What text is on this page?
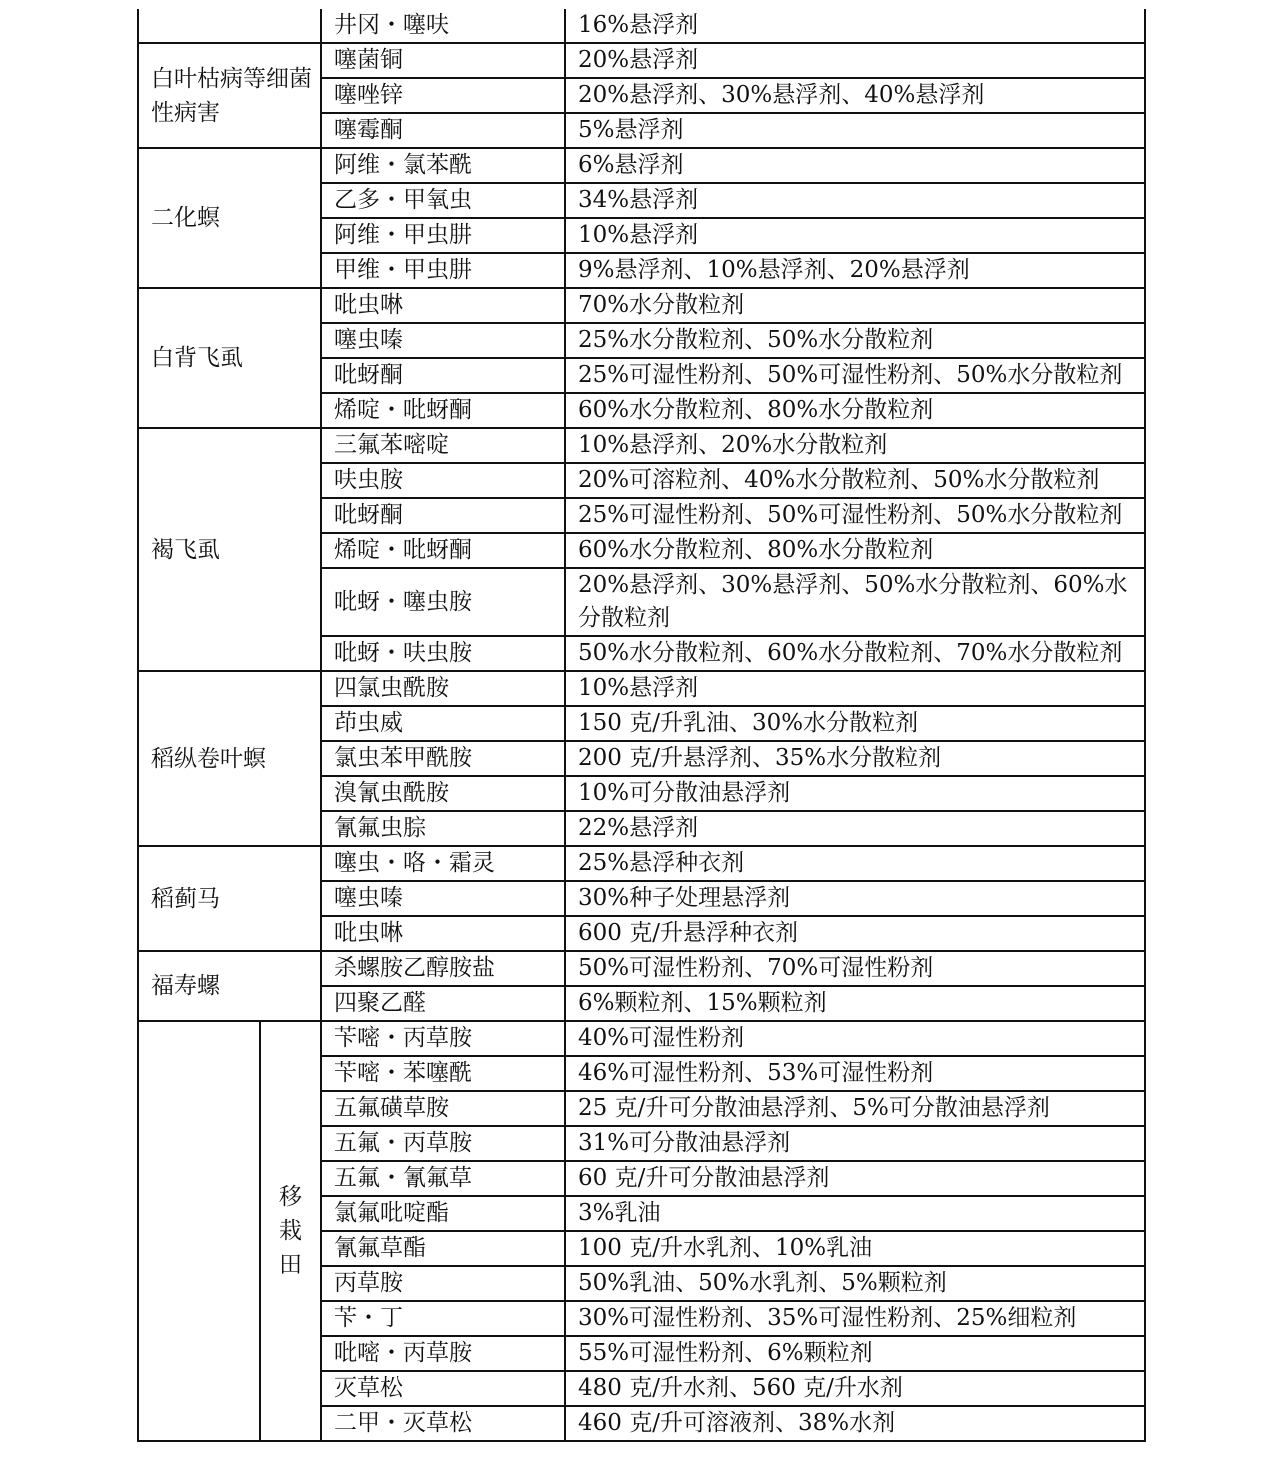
		井冈・噻呋	16%悬浮剂
白叶枯病等细菌性病害		噻菌铜	20%悬浮剂
		噻唑锌	20%悬浮剂、30%悬浮剂、40%悬浮剂
		噻霉酮	5%悬浮剂
二化螟		阿维・氯苯酰	6%悬浮剂
		乙多・甲氧虫	34%悬浮剂
		阿维・甲虫肼	10%悬浮剂
		甲维・甲虫肼	9%悬浮剂、10%悬浮剂、20%悬浮剂
白背飞虱		吡虫啉	70%水分散粒剂
		噻虫嗪	25%水分散粒剂、50%水分散粒剂
		吡蚜酮	25%可湿性粉剂、50%可湿性粉剂、50%水分散粒剂
		烯啶・吡蚜酮	60%水分散粒剂、80%水分散粒剂
褐飞虱		三氟苯嘧啶	10%悬浮剂、20%水分散粒剂
		呋虫胺	20%可溶粒剂、40%水分散粒剂、50%水分散粒剂
		吡蚜酮	25%可湿性粉剂、50%可湿性粉剂、50%水分散粒剂
		烯啶・吡蚜酮	60%水分散粒剂、80%水分散粒剂
		吡蚜・噻虫胺	20%悬浮剂、30%悬浮剂、50%水分散粒剂、60%水分散粒剂
		吡蚜・呋虫胺	50%水分散粒剂、60%水分散粒剂、70%水分散粒剂
稻纵卷叶螟		四氯虫酰胺	10%悬浮剂
		茚虫威	150 克/升乳油、30%水分散粒剂
		氯虫苯甲酰胺	200 克/升悬浮剂、35%水分散粒剂
		溴氰虫酰胺	10%可分散油悬浮剂
		氰氟虫腙	22%悬浮剂
稻蓟马		噻虫・咯・霜灵	25%悬浮种衣剂
		噻虫嗪	30%种子处理悬浮剂
		吡虫啉	600 克/升悬浮种衣剂
福寿螺		杀螺胺乙醇胺盐	50%可湿性粉剂、70%可湿性粉剂
		四聚乙醛	6%颗粒剂、15%颗粒剂
	移栽田	苄嘧・丙草胺	40%可湿性粉剂
		苄嘧・苯噻酰	46%可湿性粉剂、53%可湿性粉剂
		五氟磺草胺	25 克/升可分散油悬浮剂、5%可分散油悬浮剂
		五氟・丙草胺	31%可分散油悬浮剂
		五氟・氰氟草	60 克/升可分散油悬浮剂
		氯氟吡啶酯	3%乳油
		氰氟草酯	100 克/升水乳剂、10%乳油
		丙草胺	50%乳油、50%水乳剂、5%颗粒剂
		苄・丁	30%可湿性粉剂、35%可湿性粉剂、25%细粒剂
		吡嘧・丙草胺	55%可湿性粉剂、6%颗粒剂
		灭草松	480 克/升水剂、560 克/升水剂
		二甲・灭草松	460 克/升可溶液剂、38%水剂
